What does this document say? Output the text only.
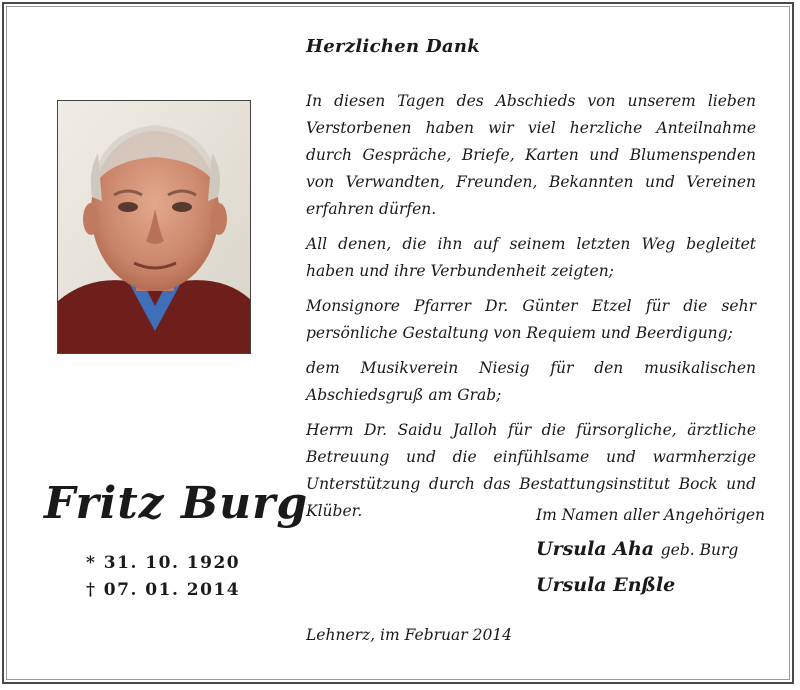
Herzlichen Dank

In diesen Tagen des Abschieds von unserem lieben Verstorbenen haben wir viel herzliche Anteilnahme durch Gespräche, Briefe, Karten und Blumenspenden von Verwandten, Freunden, Bekannten und Vereinen erfahren dürfen.

All denen, die ihn auf seinem letzten Weg begleitet haben und ihre Verbundenheit zeigten;

Monsignore Pfarrer Dr. Günter Etzel für die sehr persönliche Gestaltung von Requiem und Beerdigung;

dem Musikverein Niesig für den musikalischen Abschiedsgruß am Grab;

Herrn Dr. Saidu Jalloh für die fürsorgliche, ärztliche Betreuung und die einfühlsame und warmherzige Unterstützung durch das Bestattungsinstitut Bock und Klüber.

Fritz Burg
* 31. 10. 1920
† 07. 01. 2014
Im Namen aller Angehörigen
Ursula Aha geb. Burg
Ursula Enßle
Lehnerz, im Februar 2014
